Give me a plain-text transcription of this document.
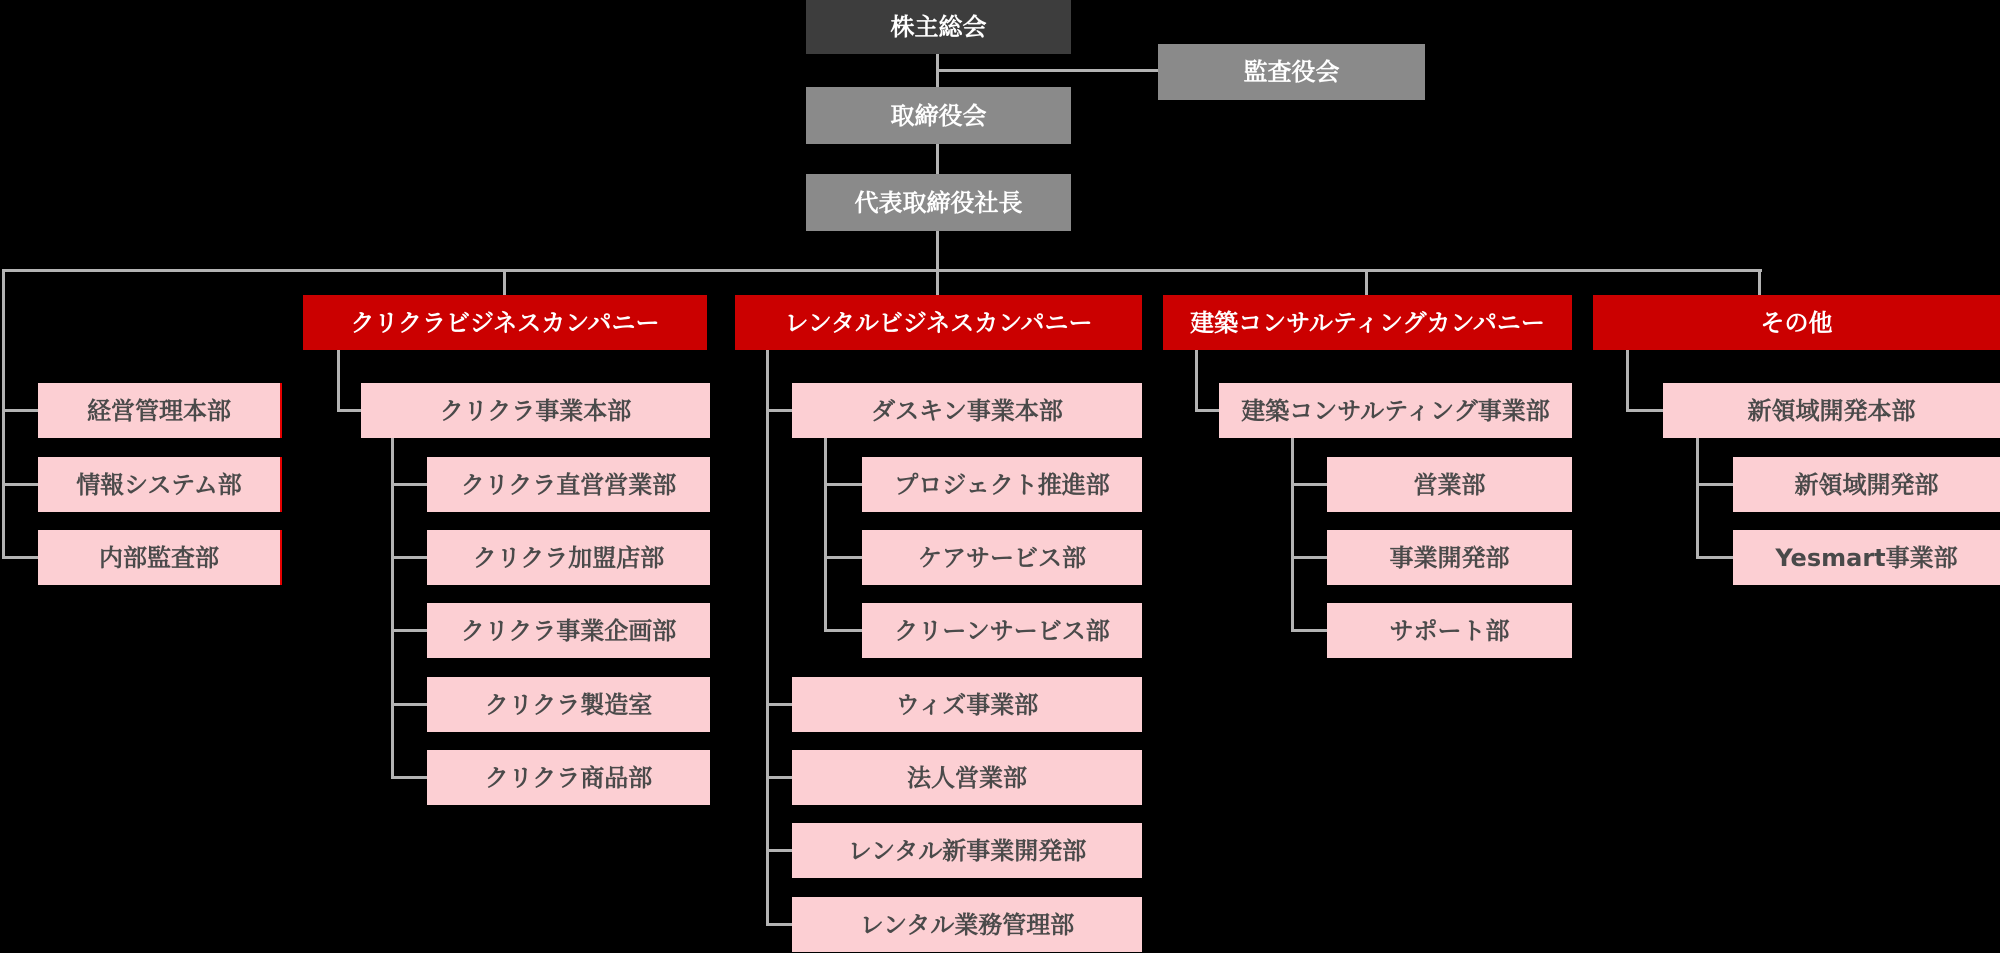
株主総会
監査役会
取締役会
代表取締役社長
経営管理本部
情報システム部
内部監査部
クリクラビジネスカンパニー
クリクラ事業本部
クリクラ直営営業部
クリクラ加盟店部
クリクラ事業企画部
クリクラ製造室
クリクラ商品部
レンタルビジネスカンパニー
ダスキン事業本部
プロジェクト推進部
ケアサービス部
クリーンサービス部
ウィズ事業部
法人営業部
レンタル新事業開発部
レンタル業務管理部
建築コンサルティングカンパニー
建築コンサルティング事業部
営業部
事業開発部
サポート部
その他
新領域開発本部
新領域開発部
Yesmart事業部
